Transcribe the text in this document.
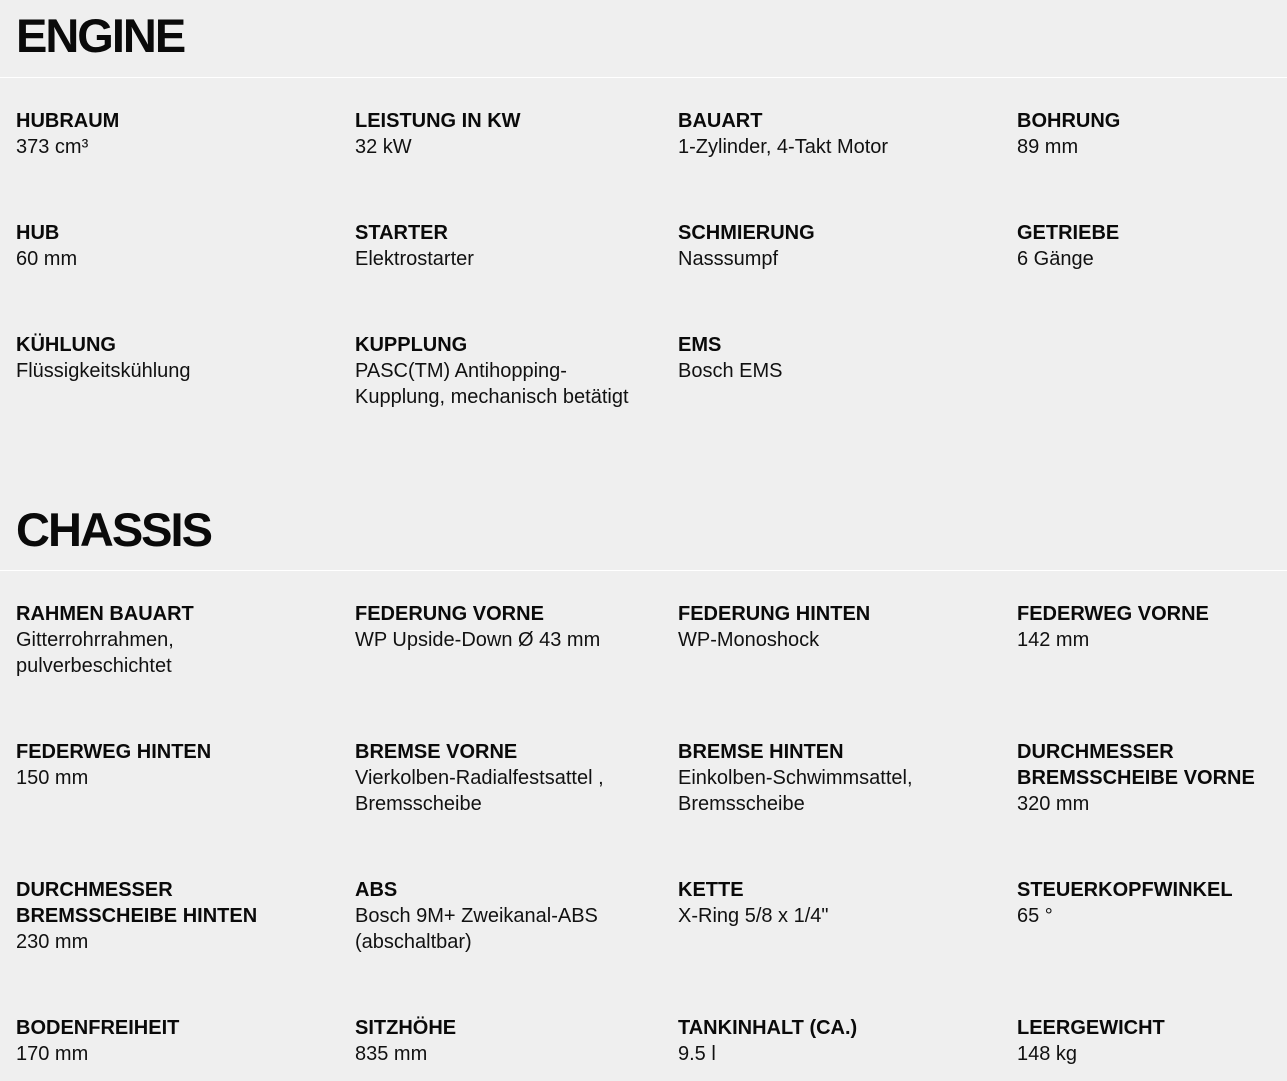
ENGINE
HUBRAUM
373 cm³
LEISTUNG IN KW
32 kW
BAUART
1-Zylinder, 4-Takt Motor
BOHRUNG
89 mm
HUB
60 mm
STARTER
Elektrostarter
SCHMIERUNG
Nasssumpf
GETRIEBE
6 Gänge
KÜHLUNG
Flüssigkeitskühlung
KUPPLUNG
PASC(TM) Antihopping-
Kupplung, mechanisch betätigt
EMS
Bosch EMS
CHASSIS
RAHMEN BAUART
Gitterrohrrahmen,
pulverbeschichtet
FEDERUNG VORNE
WP Upside-Down Ø 43 mm
FEDERUNG HINTEN
WP-Monoshock
FEDERWEG VORNE
142 mm
FEDERWEG HINTEN
150 mm
BREMSE VORNE
Vierkolben-Radialfestsattel ,
Bremsscheibe
BREMSE HINTEN
Einkolben-Schwimmsattel,
Bremsscheibe
DURCHMESSER
BREMSSCHEIBE VORNE
320 mm
DURCHMESSER
BREMSSCHEIBE HINTEN
230 mm
ABS
Bosch 9M+ Zweikanal-ABS
(abschaltbar)
KETTE
X-Ring 5/8 x 1/4"
STEUERKOPFWINKEL
65 °
BODENFREIHEIT
170 mm
SITZHÖHE
835 mm
TANKINHALT (CA.)
9.5 l
LEERGEWICHT
148 kg
